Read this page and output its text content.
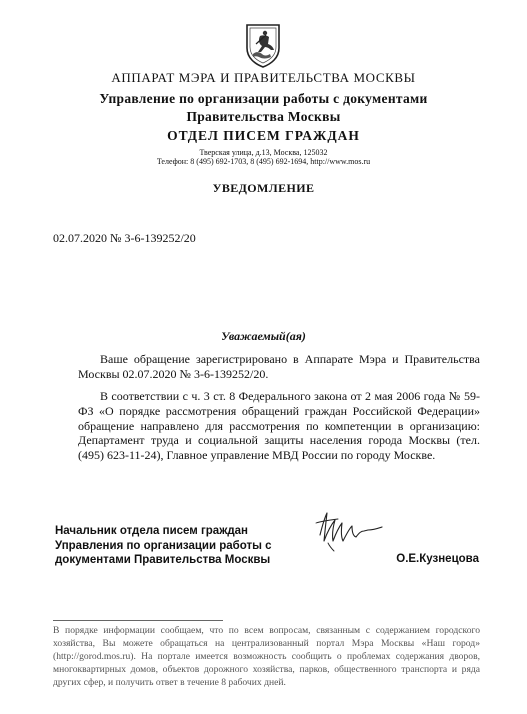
АППАРАТ МЭРА И ПРАВИТЕЛЬСТВА МОСКВЫ
Управление по организации работы с документами
Правительства Москвы
ОТДЕЛ ПИСЕМ ГРАЖДАН
Тверская улица, д.13, Москва, 125032
Телефон: 8 (495) 692-1703, 8 (495) 692-1694, http://www.mos.ru
УВЕДОМЛЕНИЕ
02.07.2020 № 3-6-139252/20
Уважаемый(ая)

Ваше обращение зарегистрировано в Аппарате Мэра и Правительства Москвы 02.07.2020 № 3-6-139252/20.

В соответствии с ч. 3 ст. 8 Федерального закона от 2 мая 2006 года № 59-ФЗ «О порядке рассмотрения обращений граждан Российской Федерации» обращение направлено для рассмотрения по компетенции в организацию: Департамент труда и социальной защиты населения города Москвы (тел. (495) 623-11-24), Главное управление МВД России по городу Москве.

Начальник отдела писем граждан
Управления по организации работы с
документами Правительства Москвы	О.Е.Кузнецова

В порядке информации сообщаем, что по всем вопросам, связанным с содержанием городского хозяйства, Вы можете обращаться на централизованный портал Мэра Москвы «Наш город» (http://gorod.mos.ru). На портале имеется возможность сообщить о проблемах содержания дворов, многоквартирных домов, объектов дорожного хозяйства, парков, общественного транспорта и ряда других сфер, и получить ответ в течение 8 рабочих дней.
